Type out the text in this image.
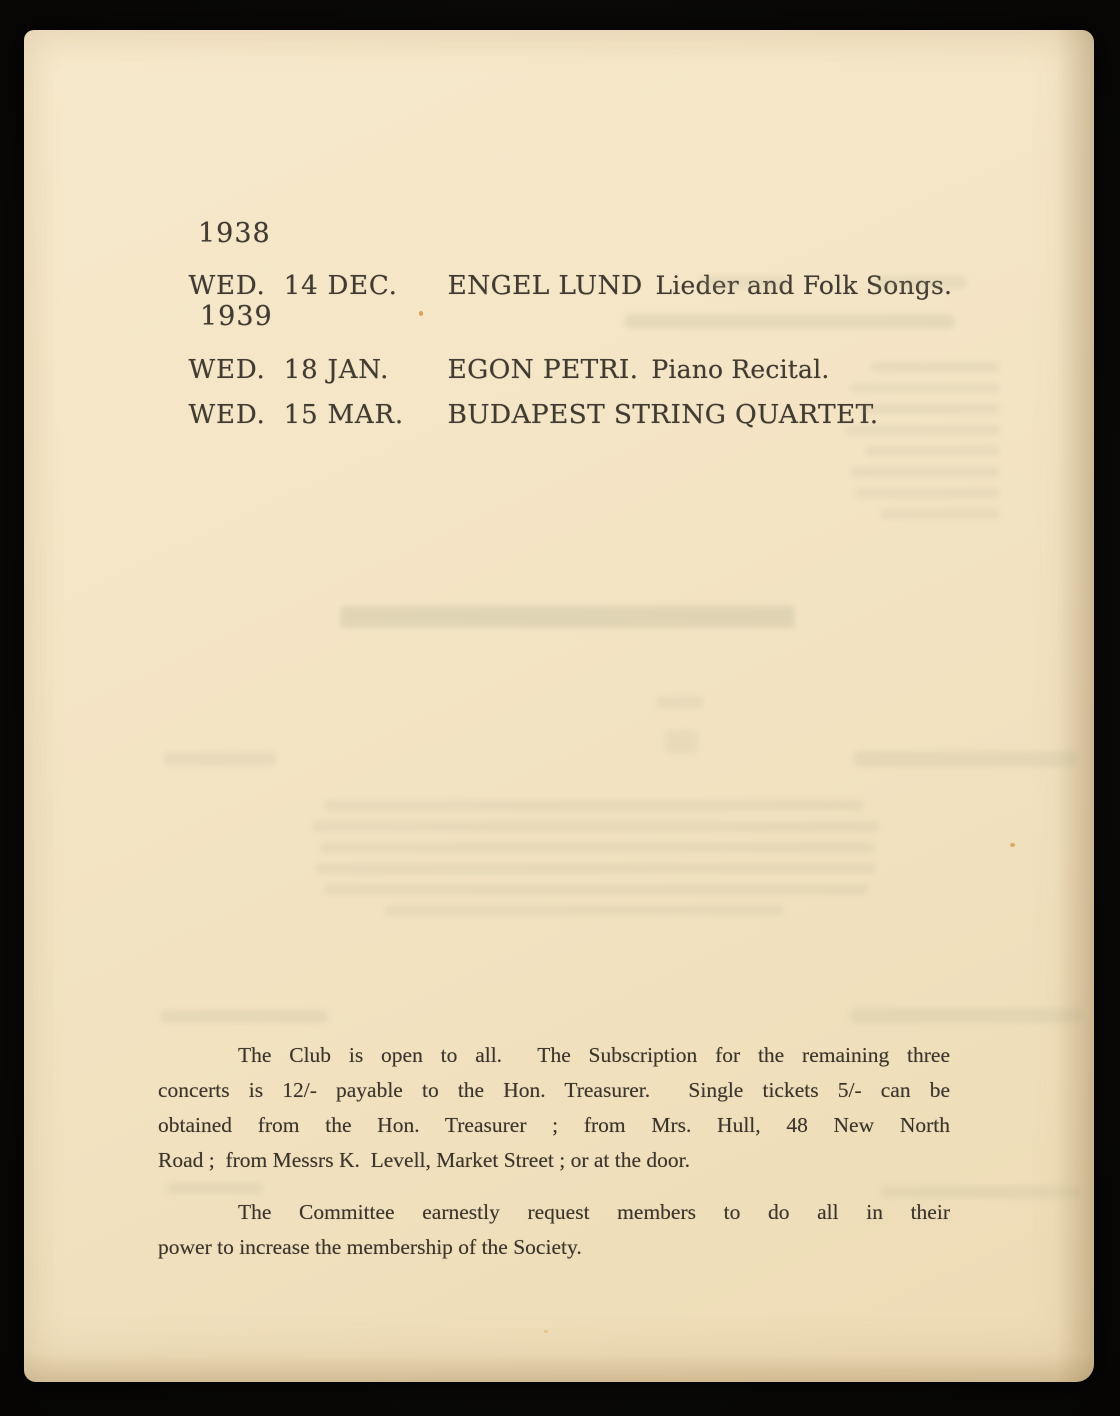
1938

WED.  14 DEC. ENGEL LUND Lieder and Folk Songs.

1939

WED.  18 JAN. EGON PETRI. Piano Recital.

WED.  15 MAR. BUDAPEST STRING QUARTET.

The Club is open to all.  The Subscription for the remaining three
concerts is 12/- payable to the Hon. Treasurer.  Single tickets 5/- can be
obtained from the Hon. Treasurer ; from Mrs. Hull, 48 New North
Road ;  from Messrs K.  Levell, Market Street ; or at the door.
The Committee earnestly request members to do all in their
power to increase the membership of the Society.
